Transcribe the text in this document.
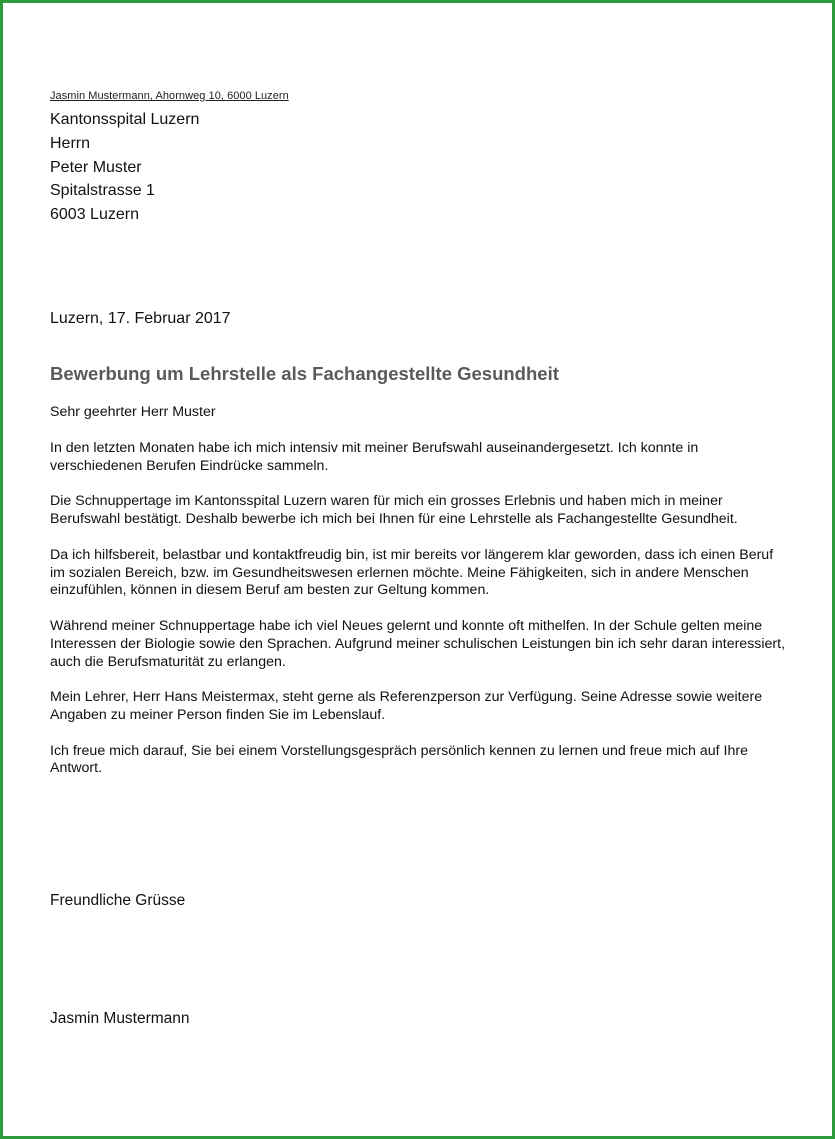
Jasmin Mustermann, Ahornweg 10, 6000 Luzern
Kantonsspital Luzern
Herrn
Peter Muster
Spitalstrasse 1
6003 Luzern
Luzern, 17. Februar 2017
Bewerbung um Lehrstelle als Fachangestellte Gesundheit
Sehr geehrter Herr Muster

In den letzten Monaten habe ich mich intensiv mit meiner Berufswahl auseinandergesetzt. Ich konnte in verschiedenen Berufen Eindrücke sammeln.

Die Schnuppertage im Kantonsspital Luzern waren für mich ein grosses Erlebnis und haben mich in meiner Berufswahl bestätigt. Deshalb bewerbe ich mich bei Ihnen für eine Lehrstelle als Fachangestellte Gesundheit.

Da ich hilfsbereit, belastbar und kontaktfreudig bin, ist mir bereits vor längerem klar geworden, dass ich einen Beruf im sozialen Bereich, bzw. im Gesundheitswesen erlernen möchte. Meine Fähigkeiten, sich in andere Menschen einzufühlen, können in diesem Beruf am besten zur Geltung kommen.

Während meiner Schnuppertage habe ich viel Neues gelernt und konnte oft mithelfen. In der Schule gelten meine Interessen der Biologie sowie den Sprachen. Aufgrund meiner schulischen Leistungen bin ich sehr daran interessiert, auch die Berufsmaturität zu erlangen.

Mein Lehrer, Herr Hans Meistermax, steht gerne als Referenzperson zur Verfügung. Seine Adresse sowie weitere Angaben zu meiner Person finden Sie im Lebenslauf.

Ich freue mich darauf, Sie bei einem Vorstellungsgespräch persönlich kennen zu lernen und freue mich auf Ihre Antwort.

Freundliche Grüsse
Jasmin Mustermann
